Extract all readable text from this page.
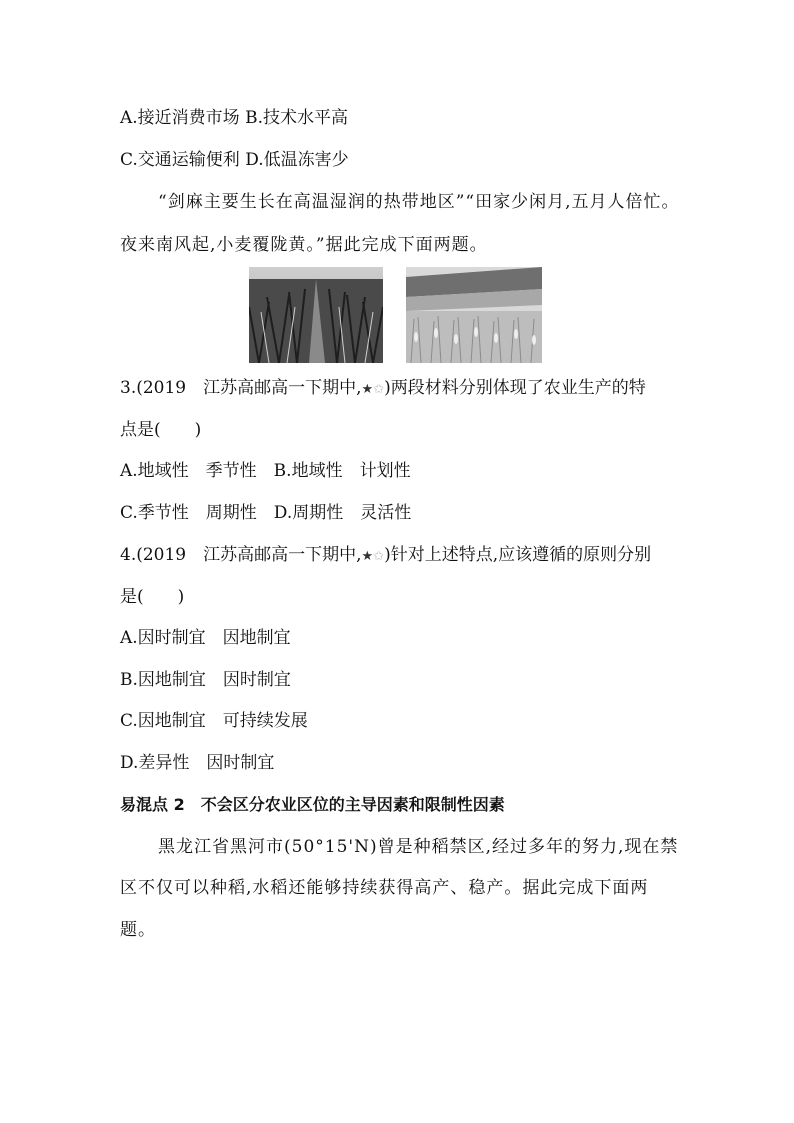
A.接近消费市场 B.技术水平高
C.交通运输便利 D.低温冻害少
“剑麻主要生长在高温湿润的热带地区”“田家少闲月,五月人倍忙。
夜来南风起,小麦覆陇黄。”据此完成下面两题。
3.(2019　江苏高邮高一下期中,★✩)两段材料分别体现了农业生产的特
点是(　　)
A.地域性　季节性　B.地域性　计划性
C.季节性　周期性　D.周期性　灵活性
4.(2019　江苏高邮高一下期中,★✩)针对上述特点,应该遵循的原则分别
是(　　)
A.因时制宜　因地制宜
B.因地制宜　因时制宜
C.因地制宜　可持续发展
D.差异性　因时制宜
易混点 2　不会区分农业区位的主导因素和限制性因素
黑龙江省黑河市(50°15'N)曾是种稻禁区,经过多年的努力,现在禁
区不仅可以种稻,水稻还能够持续获得高产、稳产。据此完成下面两
题。
